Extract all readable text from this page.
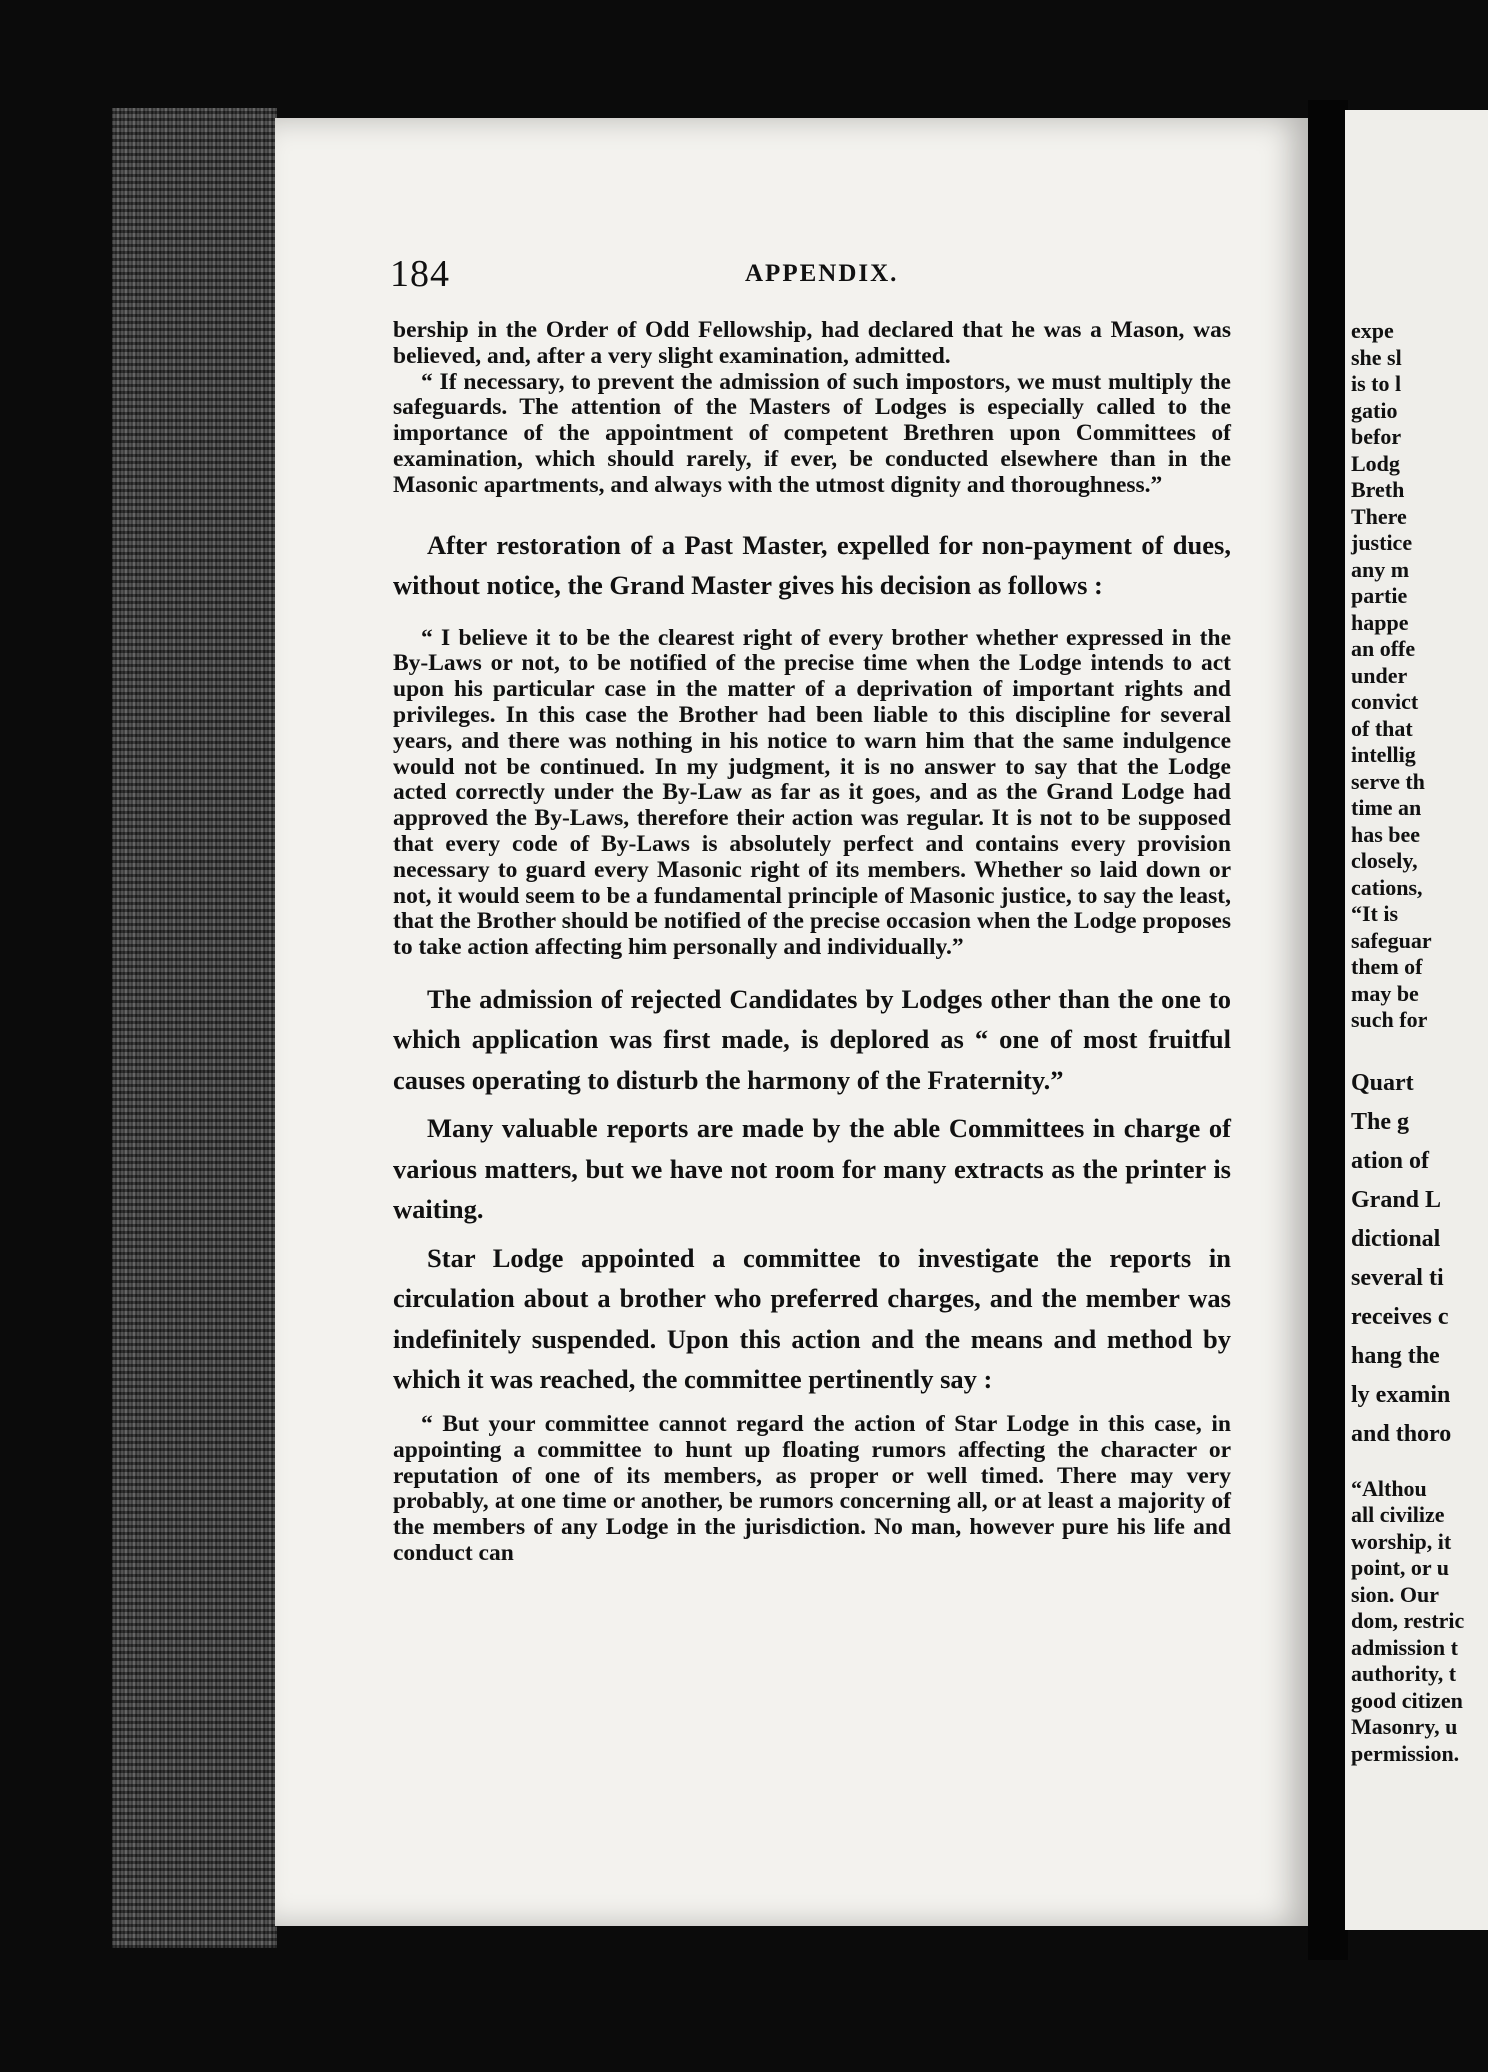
expe
she sl
is to l
gatio
befor
Lodg
Breth
There
justice
any m
partie
happe
an offe
under
convict
of that
intellig
serve th
time an
has bee
closely,
cations,
“It is
safeguar
them of
may be
such for
Quart
The g
ation of
Grand L
dictional
several ti
receives c
hang the
ly examin
and thoro
“Althou
all civilize
worship, it
point, or u
sion. Our
dom, restric
admission t
authority, t
good citizen
Masonry, u
permission.
184	APPENDIX.

bership in the Order of Odd Fellowship, had declared that he was a Mason, was believed, and, after a very slight examination, admitted.

“ If necessary, to prevent the admission of such impostors, we must multiply the safeguards. The attention of the Masters of Lodges is especially called to the importance of the appointment of competent Brethren upon Committees of examination, which should rarely, if ever, be conducted elsewhere than in the Masonic apartments, and always with the utmost dignity and thoroughness.”

After restoration of a Past Master, expelled for non-payment of dues, without notice, the Grand Master gives his decision as follows :

“ I believe it to be the clearest right of every brother whether expressed in the By-Laws or not, to be notified of the precise time when the Lodge intends to act upon his particular case in the matter of a deprivation of important rights and privileges. In this case the Brother had been liable to this discipline for several years, and there was nothing in his notice to warn him that the same indulgence would not be continued. In my judgment, it is no answer to say that the Lodge acted correctly under the By-Law as far as it goes, and as the Grand Lodge had approved the By-Laws, therefore their action was regular. It is not to be supposed that every code of By-Laws is absolutely perfect and contains every provision necessary to guard every Masonic right of its members. Whether so laid down or not, it would seem to be a fundamental principle of Masonic justice, to say the least, that the Brother should be notified of the precise occasion when the Lodge proposes to take action affecting him personally and individually.”

The admission of rejected Candidates by Lodges other than the one to which application was first made, is deplored as “ one of most fruitful causes operating to disturb the harmony of the Fraternity.”

Many valuable reports are made by the able Committees in charge of various matters, but we have not room for many extracts as the printer is waiting.

Star Lodge appointed a committee to investigate the reports in circulation about a brother who preferred charges, and the member was indefinitely suspended. Upon this action and the means and method by which it was reached, the committee pertinently say :

“ But your committee cannot regard the action of Star Lodge in this case, in appointing a committee to hunt up floating rumors affecting the character or reputation of one of its members, as proper or well timed. There may very probably, at one time or another, be rumors concerning all, or at least a majority of the members of any Lodge in the jurisdiction. No man, however pure his life and conduct can
